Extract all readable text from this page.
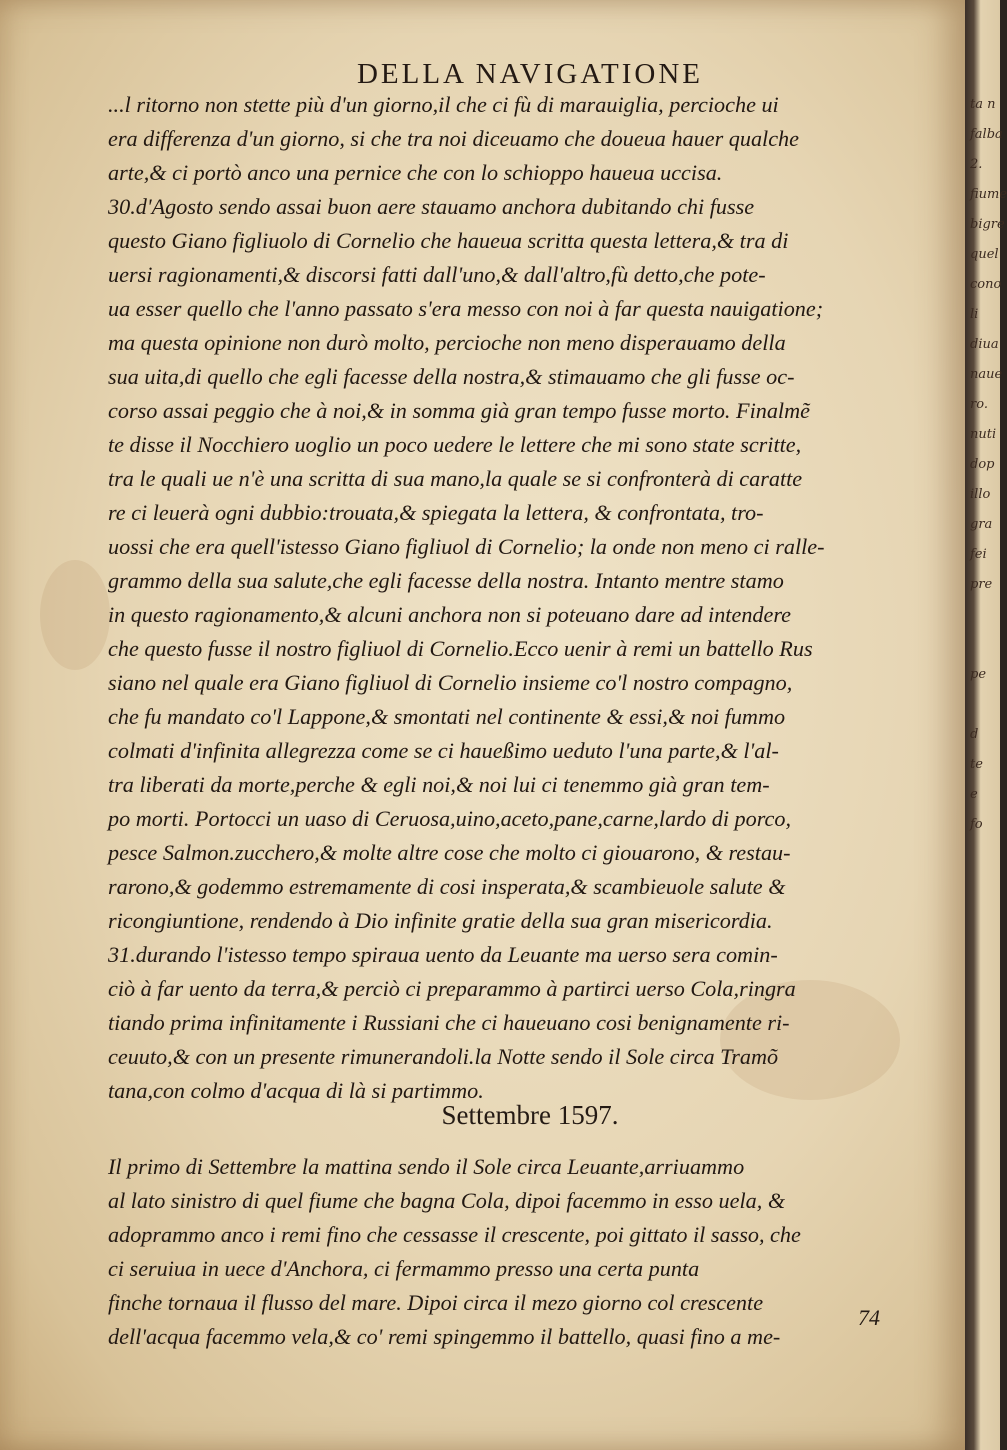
DELLA NAVIGATIONE
...l ritorno non stette più d'un giorno,il che ci fù di marauiglia, percioche ui
era differenza d'un giorno, si che tra noi diceuamo che doueua hauer qualche
arte,& ci portò anco una pernice che con lo schioppo haueua uccisa.
30.d'Agosto sendo assai buon aere stauamo anchora dubitando chi fusse
questo Giano figliuolo di Cornelio che haueua scritta questa lettera,& tra di
uersi ragionamenti,& discorsi fatti dall'uno,& dall'altro,fù detto,che pote-
ua esser quello che l'anno passato s'era messo con noi à far questa nauigatione;
ma questa opinione non durò molto, percioche non meno disperauamo della
sua uita,di quello che egli facesse della nostra,& stimauamo che gli fusse oc-
corso assai peggio che à noi,& in somma già gran tempo fusse morto. Finalmẽ
te disse il Nocchiero uoglio un poco uedere le lettere che mi sono state scritte,
tra le quali ue n'è una scritta di sua mano,la quale se si confronterà di caratte
re ci leuerà ogni dubbio:trouata,& spiegata la lettera, & confrontata, tro-
uossi che era quell'istesso Giano figliuol di Cornelio; la onde non meno ci ralle-
grammo della sua salute,che egli facesse della nostra. Intanto mentre stamo
in questo ragionamento,& alcuni anchora non si poteuano dare ad intendere
che questo fusse il nostro figliuol di Cornelio.Ecco uenir à remi un battello Rus
siano nel quale era Giano figliuol di Cornelio insieme co'l nostro compagno,
che fu mandato co'l Lappone,& smontati nel continente & essi,& noi fummo
colmati d'infinita allegrezza come se ci haueßimo ueduto l'una parte,& l'al-
tra liberati da morte,perche & egli noi,& noi lui ci tenemmo già gran tem-
po morti. Portocci un uaso di Ceruosa,uino,aceto,pane,carne,lardo di porco,
pesce Salmon.zucchero,& molte altre cose che molto ci giouarono, & restau-
rarono,& godemmo estremamente di cosi insperata,& scambieuole salute &
ricongiuntione, rendendo à Dio infinite gratie della sua gran misericordia.
31.durando l'istesso tempo spiraua uento da Leuante ma uerso sera comin-
ciò à far uento da terra,& perciò ci preparammo à partirci uerso Cola,ringra
tiando prima infinitamente i Russiani che ci haueuano cosi benignamente ri-
ceuuto,& con un presente rimunerandoli.la Notte sendo il Sole circa Tramõ
tana,con colmo d'acqua di là si partimmo.
Settembre 1597.
Il primo di Settembre la mattina sendo il Sole circa Leuante,arriuammo
al lato sinistro di quel fiume che bagna Cola, dipoi facemmo in esso uela, &
adoprammo anco i remi fino che cessasse il crescente, poi gittato il sasso, che
ci seruiua in uece d'Anchora, ci fermammo presso una certa punta
finche tornaua il flusso del mare. Dipoi circa il mezo giorno col crescente
dell'acqua facemmo vela,& co' remi spingemmo il battello, quasi fino a me-
74
ta n
falba
2.
fiume
bigre
quel
cono
li
diua
naue
ro.
nuti
dop
illo
gra
fei
pre
pe
d
te
e
fo
